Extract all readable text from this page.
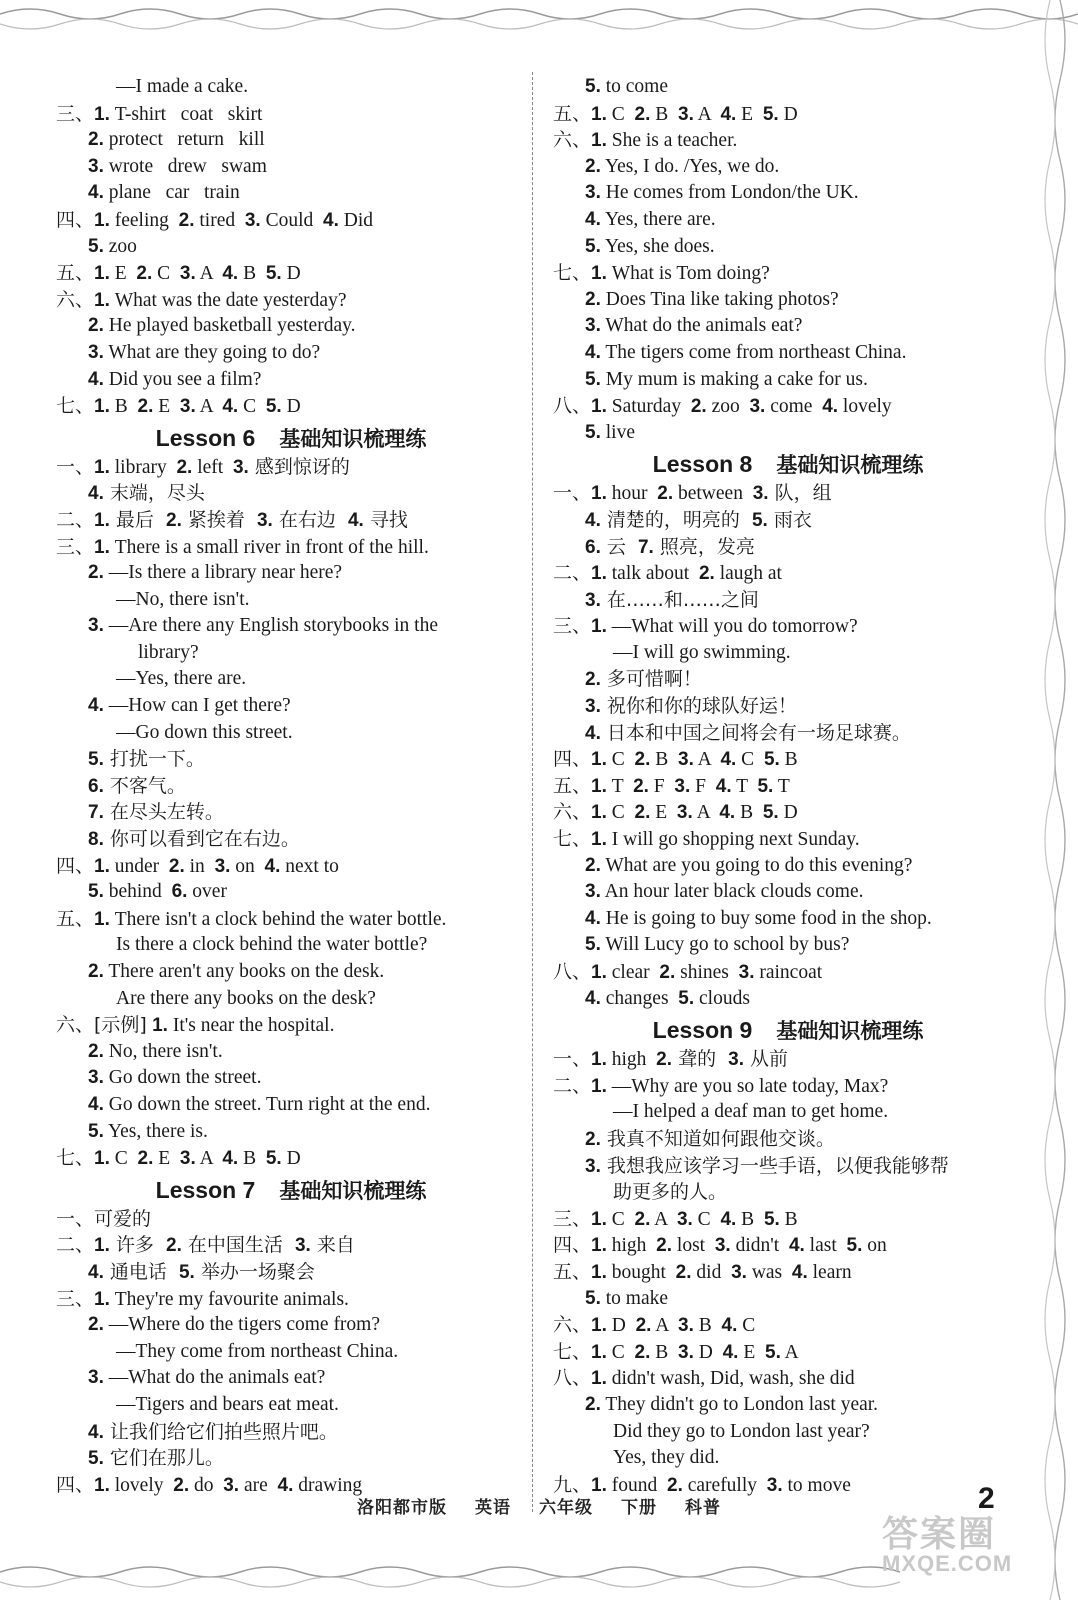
—I made a cake.
三、1. T-shirt   coat   skirt
2. protect   return   kill
3. wrote   drew   swam
4. plane   car   train
四、1. feeling  2. tired  3. Could  4. Did
5. zoo
五、1. E  2. C  3. A  4. B  5. D
六、1. What was the date yesterday?
2. He played basketball yesterday.
3. What are they going to do?
4. Did you see a film?
七、1. B  2. E  3. A  4. C  5. D
Lesson 6 基础知识梳理练
一、1. library  2. left  3. 感到惊讶的
4. 末端，尽头
二、1. 最后  2. 紧挨着  3. 在右边  4. 寻找
三、1. There is a small river in front of the hill.
2. —Is there a library near here?
—No, there isn't.
3. —Are there any English storybooks in the
library?
—Yes, there are.
4. —How can I get there?
—Go down this street.
5. 打扰一下。
6. 不客气。
7. 在尽头左转。
8. 你可以看到它在右边。
四、1. under  2. in  3. on  4. next to
5. behind  6. over
五、1. There isn't a clock behind the water bottle.
Is there a clock behind the water bottle?
2. There aren't any books on the desk.
Are there any books on the desk?
六、[示例] 1. It's near the hospital.
2. No, there isn't.
3. Go down the street.
4. Go down the street. Turn right at the end.
5. Yes, there is.
七、1. C  2. E  3. A  4. B  5. D
Lesson 7 基础知识梳理练
一、可爱的
二、1. 许多  2. 在中国生活  3. 来自
4. 通电话  5. 举办一场聚会
三、1. They're my favourite animals.
2. —Where do the tigers come from?
—They come from northeast China.
3. —What do the animals eat?
—Tigers and bears eat meat.
4. 让我们给它们拍些照片吧。
5. 它们在那儿。
四、1. lovely  2. do  3. are  4. drawing
5. to come
五、1. C  2. B  3. A  4. E  5. D
六、1. She is a teacher.
2. Yes, I do. /Yes, we do.
3. He comes from London/the UK.
4. Yes, there are.
5. Yes, she does.
七、1. What is Tom doing?
2. Does Tina like taking photos?
3. What do the animals eat?
4. The tigers come from northeast China.
5. My mum is making a cake for us.
八、1. Saturday  2. zoo  3. come  4. lovely
5. live
Lesson 8 基础知识梳理练
一、1. hour  2. between  3. 队，组
4. 清楚的，明亮的  5. 雨衣
6. 云  7. 照亮，发亮
二、1. talk about  2. laugh at
3. 在……和……之间
三、1. —What will you do tomorrow?
—I will go swimming.
2. 多可惜啊！
3. 祝你和你的球队好运！
4. 日本和中国之间将会有一场足球赛。
四、1. C  2. B  3. A  4. C  5. B
五、1. T  2. F  3. F  4. T  5. T
六、1. C  2. E  3. A  4. B  5. D
七、1. I will go shopping next Sunday.
2. What are you going to do this evening?
3. An hour later black clouds come.
4. He is going to buy some food in the shop.
5. Will Lucy go to school by bus?
八、1. clear  2. shines  3. raincoat
4. changes  5. clouds
Lesson 9 基础知识梳理练
一、1. high  2. 聋的  3. 从前
二、1. —Why are you so late today, Max?
—I helped a deaf man to get home.
2. 我真不知道如何跟他交谈。
3. 我想我应该学习一些手语，以便我能够帮
助更多的人。
三、1. C  2. A  3. C  4. B  5. B
四、1. high  2. lost  3. didn't  4. last  5. on
五、1. bought  2. did  3. was  4. learn
5. to make
六、1. D  2. A  3. B  4. C
七、1. C  2. B  3. D  4. E  5. A
八、1. didn't wash, Did, wash, she did
2. They didn't go to London last year.
Did they go to London last year?
Yes, they did.
九、1. found  2. carefully  3. to move
洛阳都市版 英语 六年级 下册 科普	2
答案圈
MXQE.COM
